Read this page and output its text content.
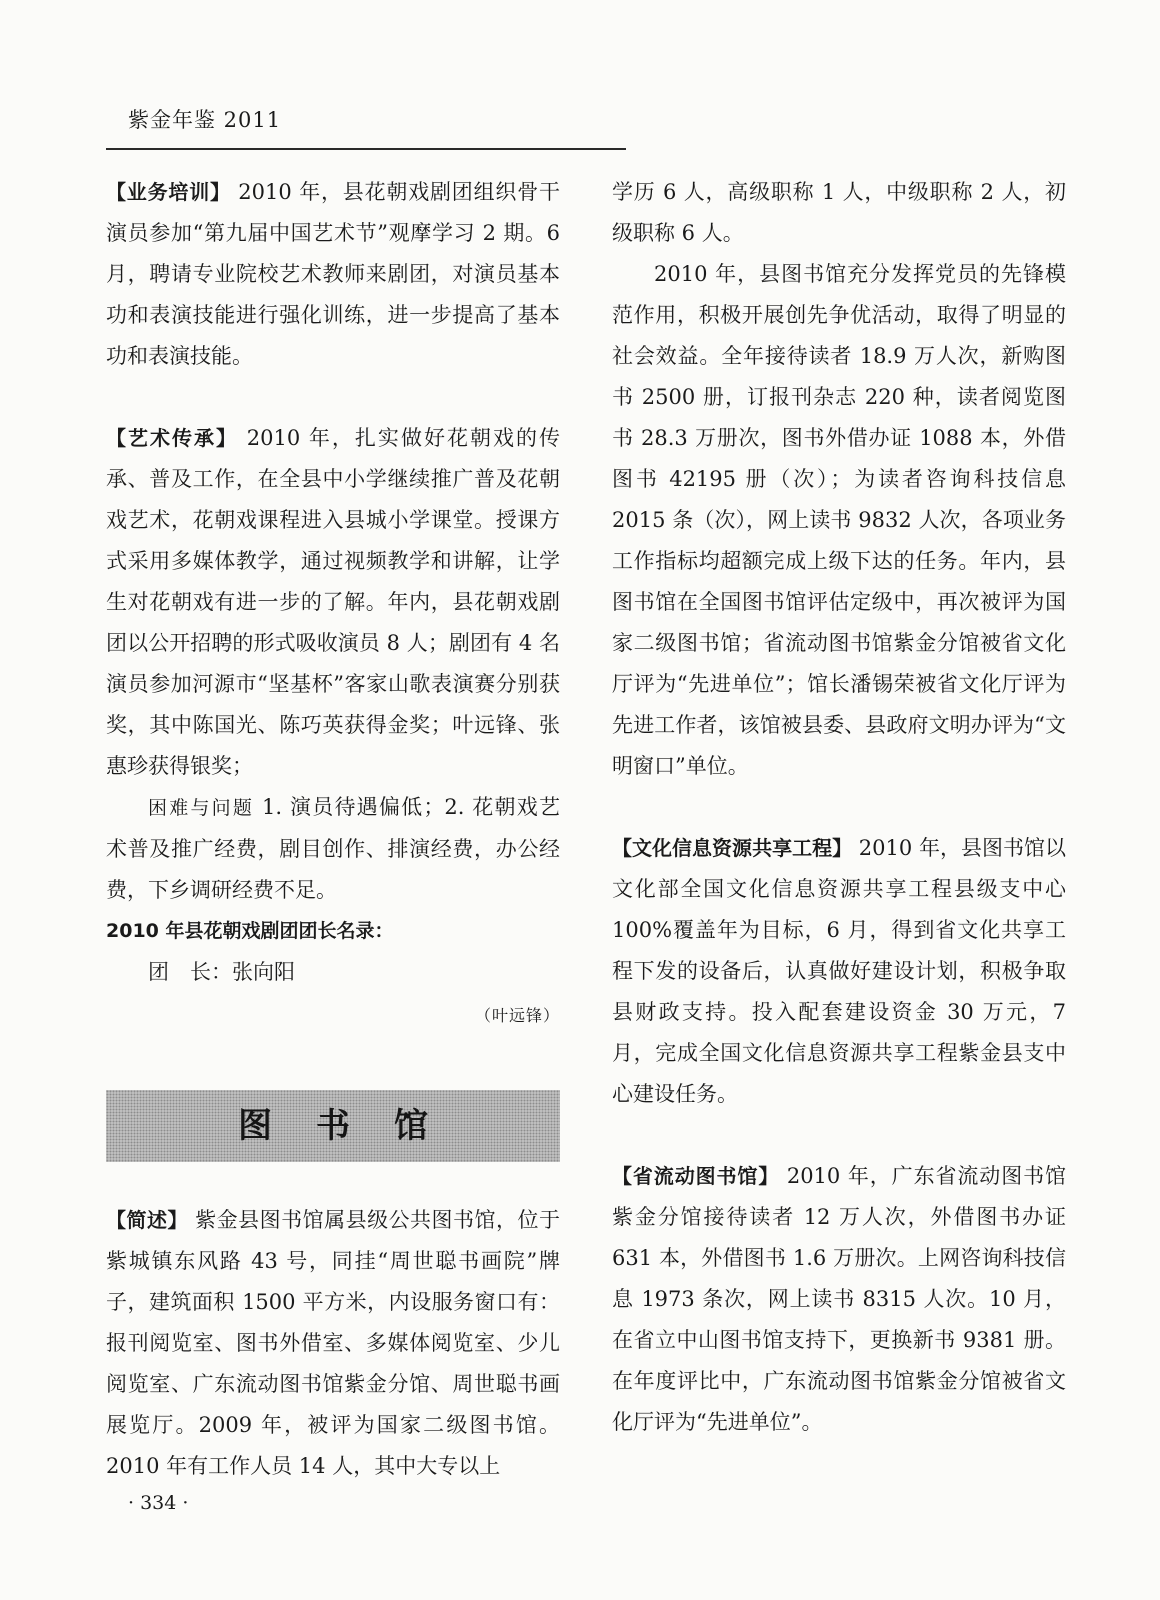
紫金年鉴 2011

【业务培训】 2010 年，县花朝戏剧团组织骨干演员参加“第九届中国艺术节”观摩学习 2 期。6 月，聘请专业院校艺术教师来剧团，对演员基本功和表演技能进行强化训练，进一步提高了基本功和表演技能。

【艺术传承】 2010 年，扎实做好花朝戏的传承、普及工作，在全县中小学继续推广普及花朝戏艺术，花朝戏课程进入县城小学课堂。授课方式采用多媒体教学，通过视频教学和讲解，让学生对花朝戏有进一步的了解。年内，县花朝戏剧团以公开招聘的形式吸收演员 8 人；剧团有 4 名演员参加河源市“坚基杯”客家山歌表演赛分别获奖，其中陈国光、陈巧英获得金奖；叶远锋、张惠珍获得银奖；

困难与问题 1. 演员待遇偏低；2. 花朝戏艺术普及推广经费，剧目创作、排演经费，办公经费，下乡调研经费不足。

2010 年县花朝戏剧团团长名录：

团　长：张向阳

（叶远锋）

图书馆

【简述】 紫金县图书馆属县级公共图书馆，位于紫城镇东风路 43 号，同挂“周世聪书画院”牌子，建筑面积 1500 平方米，内设服务窗口有：报刊阅览室、图书外借室、多媒体阅览室、少儿阅览室、广东流动图书馆紫金分馆、周世聪书画展览厅。2009 年，被评为国家二级图书馆。2010 年有工作人员 14 人，其中大专以上

学历 6 人，高级职称 1 人，中级职称 2 人，初级职称 6 人。

2010 年，县图书馆充分发挥党员的先锋模范作用，积极开展创先争优活动，取得了明显的社会效益。全年接待读者 18.9 万人次，新购图书 2500 册，订报刊杂志 220 种，读者阅览图书 28.3 万册次，图书外借办证 1088 本，外借图书 42195 册（次）；为读者咨询科技信息 2015 条（次），网上读书 9832 人次，各项业务工作指标均超额完成上级下达的任务。年内，县图书馆在全国图书馆评估定级中，再次被评为国家二级图书馆；省流动图书馆紫金分馆被省文化厅评为“先进单位”；馆长潘锡荣被省文化厅评为先进工作者，该馆被县委、县政府文明办评为“文明窗口”单位。

【文化信息资源共享工程】 2010 年，县图书馆以文化部全国文化信息资源共享工程县级支中心 100%覆盖年为目标，6 月，得到省文化共享工程下发的设备后，认真做好建设计划，积极争取县财政支持。投入配套建设资金 30 万元，7 月，完成全国文化信息资源共享工程紫金县支中心建设任务。

【省流动图书馆】 2010 年，广东省流动图书馆紫金分馆接待读者 12 万人次，外借图书办证 631 本，外借图书 1.6 万册次。上网咨询科技信息 1973 条次，网上读书 8315 人次。10 月，在省立中山图书馆支持下，更换新书 9381 册。在年度评比中，广东流动图书馆紫金分馆被省文化厅评为“先进单位”。

· 334 ·
